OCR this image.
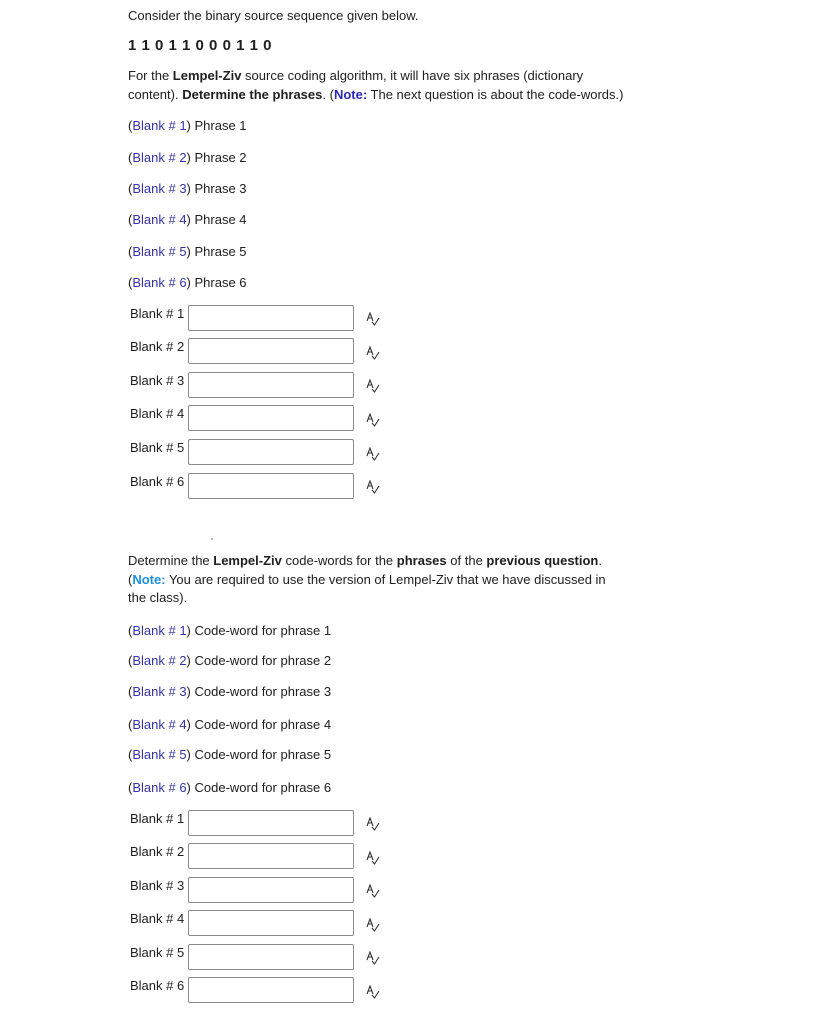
Consider the binary source sequence given below.
1 1 0 1 1 0 0 0 1 1 0
For the Lempel-Ziv source coding algorithm, it will have six phrases (dictionary
content). Determine the phrases. (Note: The next question is about the code-words.)
(Blank # 1) Phrase 1
(Blank # 2) Phrase 2
(Blank # 3) Phrase 3
(Blank # 4) Phrase 4
(Blank # 5) Phrase 5
(Blank # 6) Phrase 6
Blank # 1
Blank # 2
Blank # 3
Blank # 4
Blank # 5
Blank # 6
Determine the Lempel-Ziv code-words for the phrases of the previous question.
(Note: You are required to use the version of Lempel-Ziv that we have discussed in
the class).
(Blank # 1) Code-word for phrase 1
(Blank # 2) Code-word for phrase 2
(Blank # 3) Code-word for phrase 3
(Blank # 4) Code-word for phrase 4
(Blank # 5) Code-word for phrase 5
(Blank # 6) Code-word for phrase 6
Blank # 1
Blank # 2
Blank # 3
Blank # 4
Blank # 5
Blank # 6
